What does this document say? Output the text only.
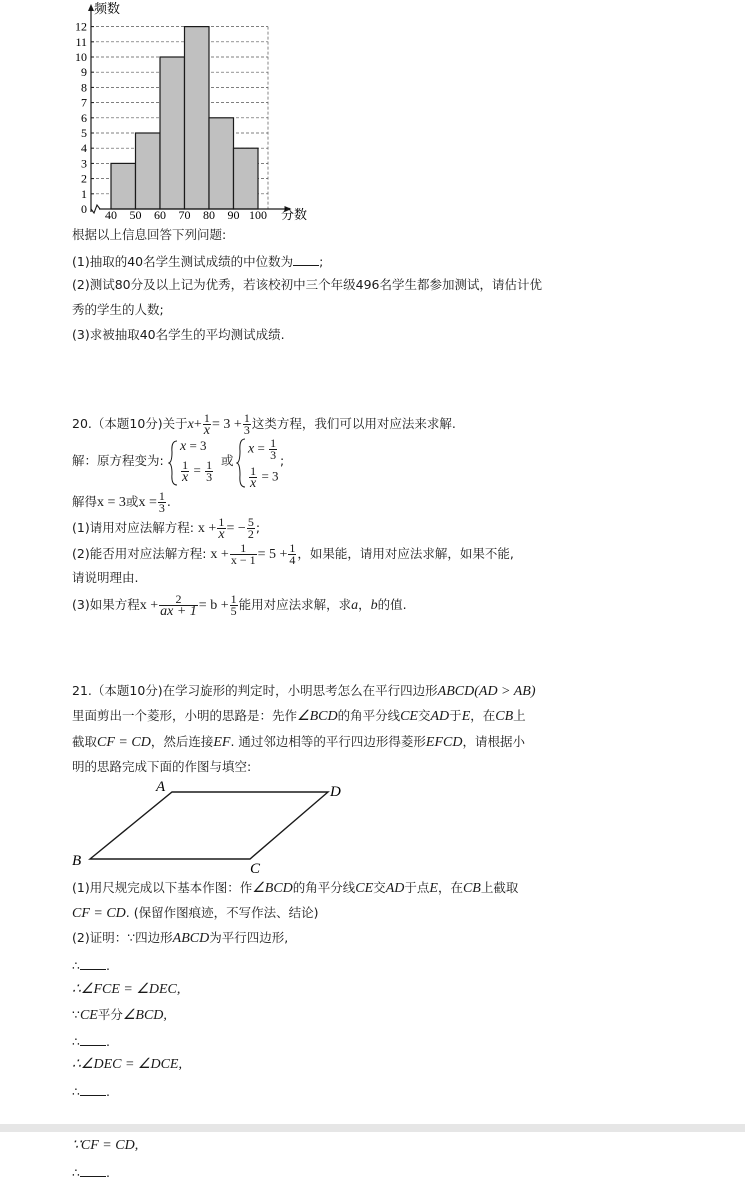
0
1
2
3
4
5
6
7
8
9
10
11
12
40 50 60 70 80 90 100
频数
分数
根据以上信息回答下列问题:
(1)抽取的40名学生测试成绩的中位数为 ;
(2)测试80分及以上记为优秀，若该校初中三个年级496名学生都参加测试，请估计优
秀的学生的人数;
(3)求被抽取40名学生的平均测试成绩.
20.（本题10分)关于$x+ \frac{1}{x} = 3 + \frac{1}{3}$ 这类方程，我们可以用对应法来求解.
解：原方程变为:
x = 3
$\frac{1}{x} = \frac{1}{3}$ 或
$x = \frac{1}{3}$
$\frac{1}{x} = 3$
;
解得x = 3或$x = \frac{1}{3}$ .
(1)请用对应法解方程: $x + \frac{1}{x}$ = − $\frac{5}{2}$ ;
(2)能否用对应法解方程: $x + \frac{1}{x - 1} = 5 + \frac{1}{4}$ ，如果能，请用对应法求解，如果不能,
请说明理由.
(3)如果方程$x + \frac{2}{ax + 1} = b + \frac{1}{5}$ 能用对应法求解，求a，b的值.
21.（本题10分)在学习旋形的判定时，小明思考怎么在平行四边形ABCD(AD > AB)
里面剪出一个菱形，小明的思路是：先作∠BCD的角平分线CE交AD于E，在CB上
截取CF = CD，然后连接EF. 通过邻边相等的平行四边形得菱形EFCD，请根据小
明的思路完成下面的作图与填空:
A	D
B	C
(1)用尺规完成以下基本作图：作∠BCD的角平分线CE交AD于点E，在CB上截取
CF = CD. (保留作图痕迹，不写作法、结论)
(2)证明：∵四边形ABCD为平行四边形,
∴ .
∴∠FCE = ∠DEC,
∵CE平分∠BCD,
∴ .
∴∠DEC = ∠DCE,
∴ .
∵CF = CD,
∴ .
